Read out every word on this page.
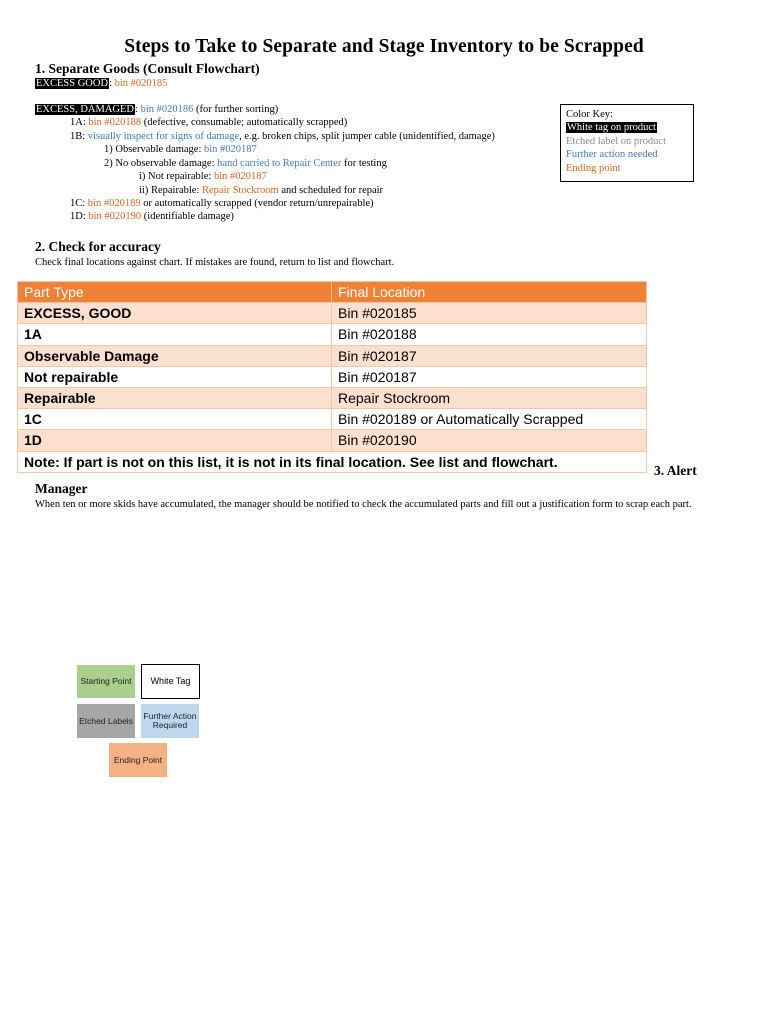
Steps to Take to Separate and Stage Inventory to be Scrapped
1. Separate Goods (Consult Flowchart)
EXCESS GOOD: bin #020185
EXCESS, DAMAGED: bin #020186 (for further sorting)
1A: bin #020188 (defective, consumable; automatically scrapped)
1B: visually inspect for signs of damage, e.g. broken chips, split jumper cable (unidentified, damage)
1) Observable damage: bin #020187
2) No observable damage: hand carried to Repair Center for testing
i) Not repairable: bin #020187
ii) Repairable: Repair Stockroom and scheduled for repair
1C: bin #020189 or automatically scrapped (vendor return/unrepairable)
1D: bin #020190 (identifiable damage)
Color Key:
White tag on product
Etched label on product
Further action needed
Ending point
2. Check for accuracy
Check final locations against chart. If mistakes are found, return to list and flowchart.
Part Type	Final Location
EXCESS, GOOD	Bin #020185
1A	Bin #020188
Observable Damage	Bin #020187
Not repairable	Bin #020187
Repairable	Repair Stockroom
1C	Bin #020189 or Automatically Scrapped
1D	Bin #020190
Note: If part is not on this list, it is not in its final location. See list and flowchart.	
3. Alert
Manager
When ten or more skids have accumulated, the manager should be notified to check the accumulated parts and fill out a justification form to scrap each part.
Starting Point	White Tag
Etched Labels Further Action Required
Ending Point
